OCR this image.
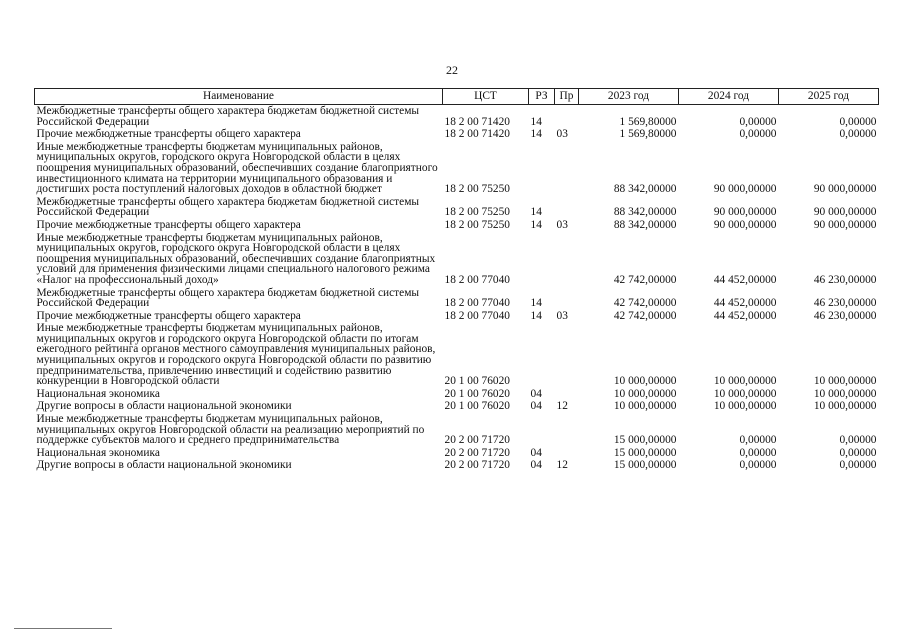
22
Наименование	ЦСТ	РЗ	Пр	2023 год	2024 год	2025 год
Межбюджетные трансферты общего характера бюджетам бюджетной системы Российской Федерации	18 2 00 71420	14		1 569,80000	0,00000	0,00000
Прочие межбюджетные трансферты общего характера	18 2 00 71420	14	03	1 569,80000	0,00000	0,00000
Иные межбюджетные трансферты бюджетам муниципальных районов, муниципальных округов, городского округа Новгородской области в целях поощрения муниципальных образований, обеспечивших создание благоприятного инвестиционного климата на территории муниципального образования и достигших роста поступлений налоговых доходов в областной бюджет	18 2 00 75250			88 342,00000	90 000,00000	90 000,00000
Межбюджетные трансферты общего характера бюджетам бюджетной системы Российской Федерации	18 2 00 75250	14		88 342,00000	90 000,00000	90 000,00000
Прочие межбюджетные трансферты общего характера	18 2 00 75250	14	03	88 342,00000	90 000,00000	90 000,00000
Иные межбюджетные трансферты бюджетам муниципальных районов, муниципальных округов, городского округа Новгородской области в целях поощрения муниципальных образований, обеспечивших создание благоприятных условий для применения физическими лицами специального налогового режима «Налог на профессиональный доход»	18 2 00 77040			42 742,00000	44 452,00000	46 230,00000
Межбюджетные трансферты общего характера бюджетам бюджетной системы Российской Федерации	18 2 00 77040	14		42 742,00000	44 452,00000	46 230,00000
Прочие межбюджетные трансферты общего характера	18 2 00 77040	14	03	42 742,00000	44 452,00000	46 230,00000
Иные межбюджетные трансферты бюджетам муниципальных районов, муниципальных округов и городского округа Новгородской области по итогам ежегодного рейтинга органов местного самоуправления муниципальных районов, муниципальных округов и городского округа Новгородской области по развитию предпринимательства, привлечению инвестиций и содействию развитию конкуренции в Новгородской области	20 1 00 76020			10 000,00000	10 000,00000	10 000,00000
Национальная экономика	20 1 00 76020	04		10 000,00000	10 000,00000	10 000,00000
Другие вопросы в области национальной экономики	20 1 00 76020	04	12	10 000,00000	10 000,00000	10 000,00000
Иные межбюджетные трансферты бюджетам муниципальных районов, муниципальных округов Новгородской области на реализацию мероприятий по поддержке субъектов малого и среднего предпринимательства	20 2 00 71720			15 000,00000	0,00000	0,00000
Национальная экономика	20 2 00 71720	04		15 000,00000	0,00000	0,00000
Другие вопросы в области национальной экономики	20 2 00 71720	04	12	15 000,00000	0,00000	0,00000
